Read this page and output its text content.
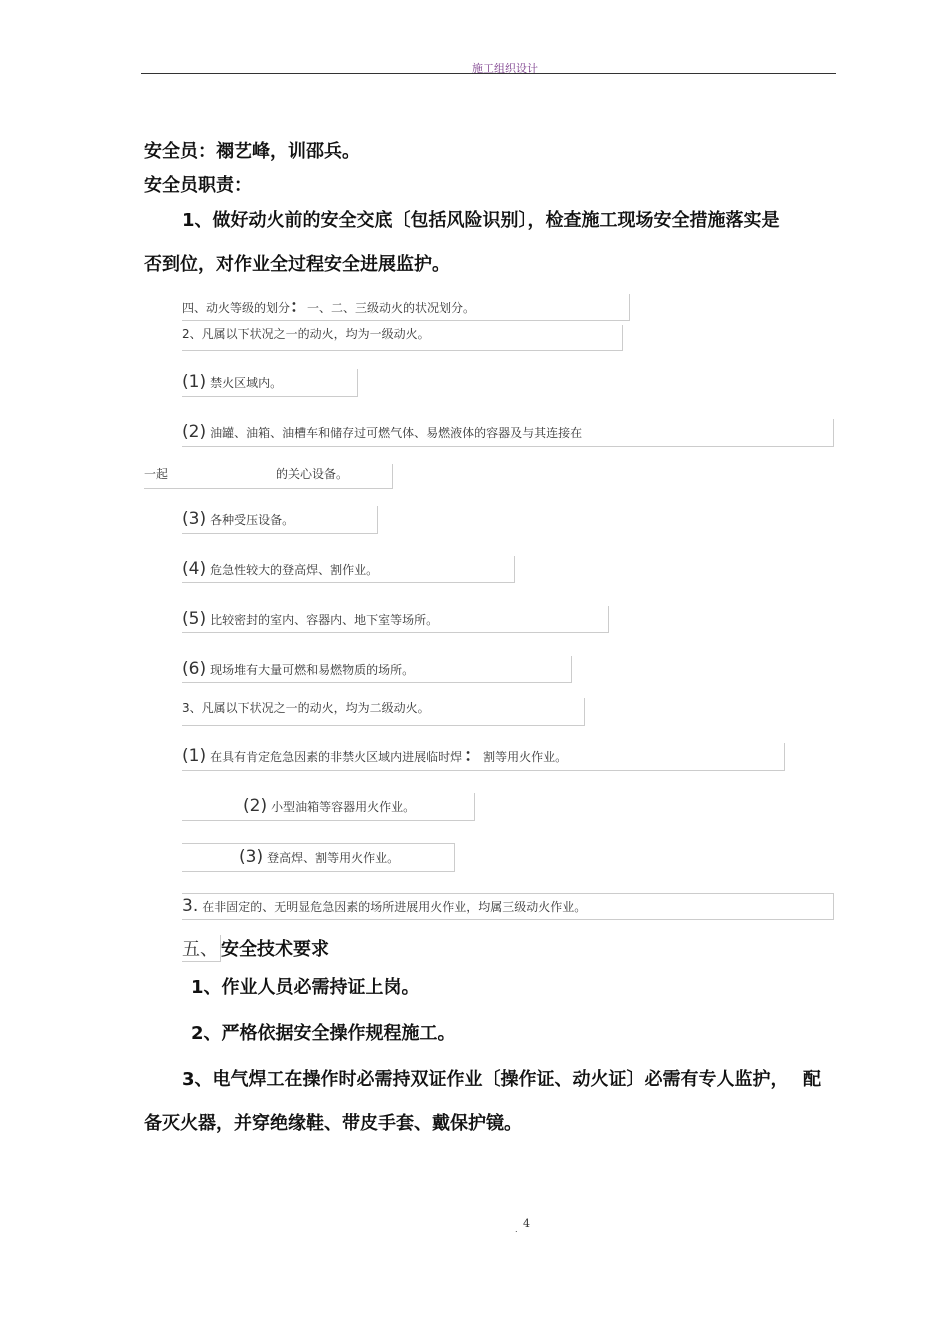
施工组织设计
安全员：禤艺峰，训邵兵。
安全员职责：
1、做好动火前的安全交底〔包括风险识别〕，检查施工现场安全措施落实是
否到位，对作业全过程安全进展监护。
四、动火等级的划分：一、二、三级动火的状况划分。
2、凡属以下状况之一的动火，均为一级动火。
(1) 禁火区域内。
(2) 油罐、油箱、油槽车和储存过可燃气体、易燃液体的容器及与其连接在
一起	的关心设备。
(3) 各种受压设备。
(4) 危急性较大的登高焊、割作业。
(5) 比较密封的室内、容器内、地下室等场所。
(6) 现场堆有大量可燃和易燃物质的场所。
3、凡属以下状况之一的动火，均为二级动火。
(1) 在具有肯定危急因素的非禁火区域内进展临时焊 ： 割等用火作业。
(2) 小型油箱等容器用火作业。
(3) 登高焊、割等用火作业。
3. 在非固定的、无明显危急因素的场所进展用火作业，均属三级动火作业。
五、 安全技术要求
1、作业人员必需持证上岗。
2、严格依据安全操作规程施工。
3、电气焊工在操作时必需持双证作业〔操作证、动火证〕必需有专人监护， 配
备灭火器，并穿绝缘鞋、带皮手套、戴保护镜。
4
.
